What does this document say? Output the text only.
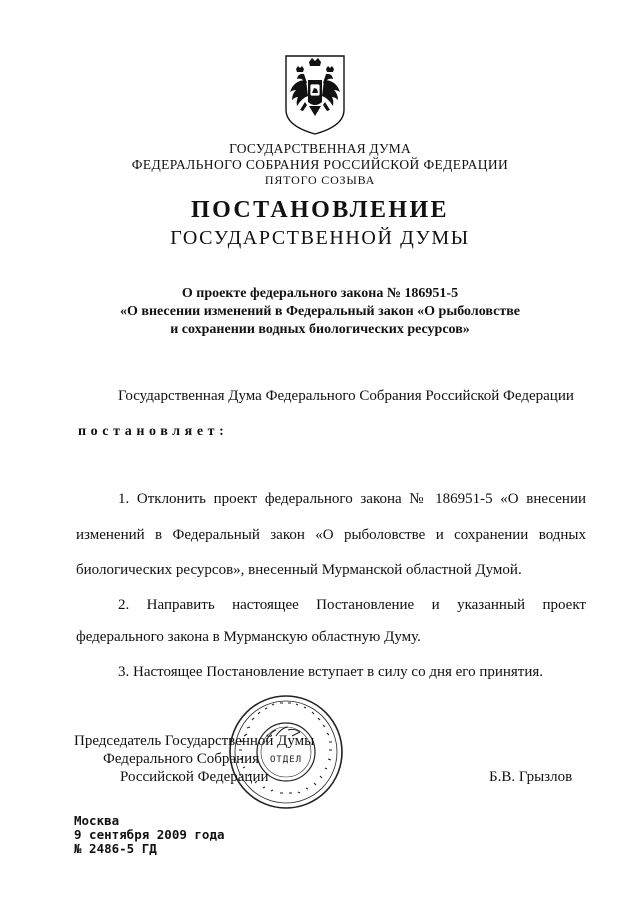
ГОСУДАРСТВЕННАЯ ДУМА
ФЕДЕРАЛЬНОГО СОБРАНИЯ РОССИЙСКОЙ ФЕДЕРАЦИИ
ПЯТОГО СОЗЫВА
ПОСТАНОВЛЕНИЕ
ГОСУДАРСТВЕННОЙ ДУМЫ
О проекте федерального закона № 186951-5
«О внесении изменений в Федеральный закон «О рыболовстве
и сохранении водных биологических ресурсов»
Государственная Дума Федерального Собрания Российской Федерации
постановляет:
1. Отклонить проект федерального закона № 186951-5 «О внесении
изменений в Федеральный закон «О рыболовстве и сохранении водных
биологических ресурсов», внесенный Мурманской областной Думой.
2. Направить настоящее Постановление и указанный проект
федерального закона в Мурманскую областную Думу.
3. Настоящее Постановление вступает в силу со дня его принятия.
ОТДЕЛ
Председатель Государственной Думы
Федерального Собрания
Российской Федерации	Б.В. Грызлов
Москва
9 сентября 2009 года
№ 2486-5 ГД
